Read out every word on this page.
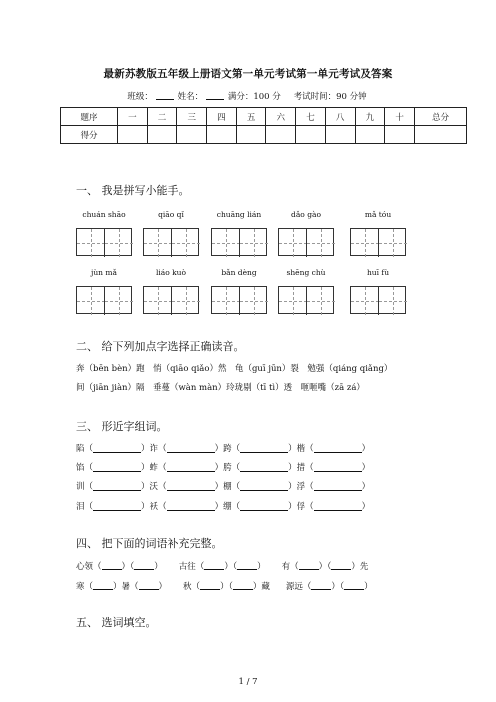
最新苏教版五年级上册语文第一单元考试第一单元考试及答案
班级：	姓名：	满分：100 分 考试时间：90 分钟
题序	一	二	三	四	五	六	七	八	九	十	总分
得分											
一、 我是拼写小能手。
chuán shāo	qiāo qǐ	chuāng lián	dǎo gào	mǎ tóu
jùn mǎ	liáo kuò	bǎn dèng	shēng chù	huī fù
二、 给下列加点字选择正确读音。
奔（bēn bèn）跑　悄（qiāo qiǎo）然　龟（guī jūn）裂　勉强（qiáng qiǎng）
间（jiān jiàn）隔　垂蔓（wàn màn）玲珑剔（tī tì）透　咂咂嘴（zā zá）
三、 形近字组词。
陷 （	） 诈 （	） 跨 （	） 楷 （	）
馅 （	） 蚱 （	） 胯 （	） 措 （	）
训 （	） 沃 （	） 棚 （	） 浮 （	）
泪 （	） 袄 （	） 绷 （	） 俘 （	）
四、 把下面的词语补充完整。
心领（ ）（ ） 古往（ ）（ ） 有（ ）（ ）先
寒（ ）暑（ ） 秋（ ）（ ）藏 源远（ ）（ ）
五、 选词填空。
1 / 7
